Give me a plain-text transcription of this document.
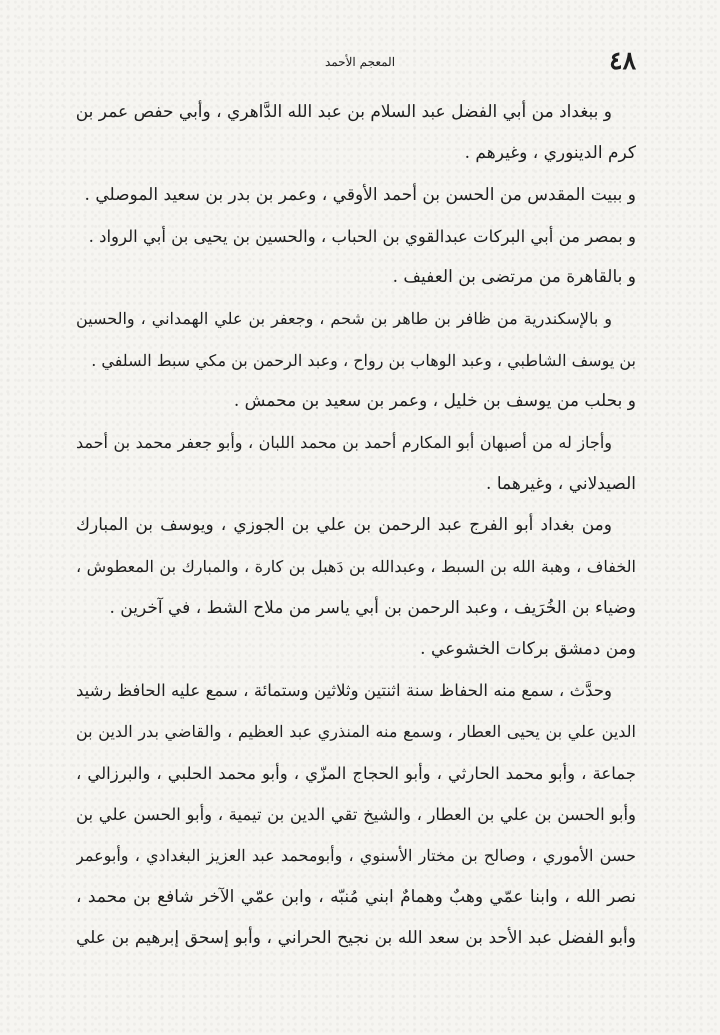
٤٨
المعجم الأحمد
و ببغداد من أبي الفضل عبد السلام بن عبد الله الدَّاهري ، وأبي حفص عمر بن
كرم الدينوري ، وغيرهم .
و ببيت المقدس من الحسن بن أحمد الأوقي ، وعمر بن بدر بن سعيد الموصلي .
و بمصر من أبي البركات عبدالقوي بن الحباب ، والحسين بن يحيى بن أبي الرواد .
و بالقاهرة من مرتضى بن العفيف .
و بالإسكندرية من ظافر بن طاهر بن شحم ، وجعفر بن علي الهمداني ، والحسين
بن يوسف الشاطبي ، وعبد الوهاب بن رواح ، وعبد الرحمن بن مكي سبط السلفي .
و بحلب من يوسف بن خليل ، وعمر بن سعيد بن محمش .
وأجاز له من أصبهان أبو المكارم أحمد بن محمد اللبان ، وأبو جعفر محمد بن أحمد
الصيدلاني ، وغيرهما .
ومن بغداد أبو الفرج عبد الرحمن بن علي بن الجوزي ، ويوسف بن المبارك
الخفاف ، وهبة الله بن السبط ، وعبدالله بن دَهبل بن كارة ، والمبارك بن المعطوش ،
وضياء بن الخُرَيف ، وعبد الرحمن بن أبي ياسر من ملاح الشط ، في آخرين .
ومن دمشق بركات الخشوعي .
وحدَّث ، سمع منه الحفاظ سنة اثنتين وثلاثين وستمائة ، سمع عليه الحافظ رشيد
الدين علي بن يحيى العطار ، وسمع منه المنذري عبد العظيم ، والقاضي بدر الدين بن
جماعة ، وأبو محمد الحارثي ، وأبو الحجاج المزّي ، وأبو محمد الحلبي ، والبرزالي ،
وأبو الحسن بن علي بن العطار ، والشيخ تقي الدين بن تيمية ، وأبو الحسن علي بن
حسن الأموري ، وصالح بن مختار الأسنوي ، وأبومحمد عبد العزيز البغدادي ، وأبوعمر
نصر الله ، وابنا عمّي وهبٌ وهمامٌ ابني مُنبّه ، وابن عمّي الآخر شافع بن محمد ،
وأبو الفضل عبد الأحد بن سعد الله بن نجيح الحراني ، وأبو إسحق إبرهيم بن علي
